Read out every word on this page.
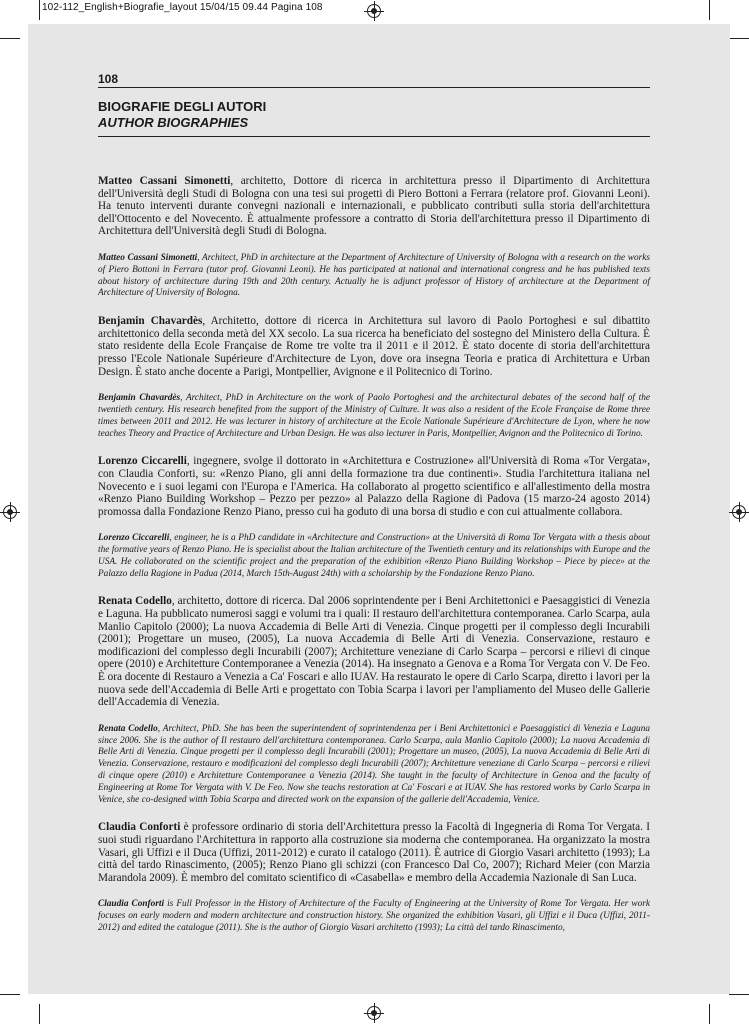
102-112_English+Biografie_layout 15/04/15 09.44 Pagina 108
108
BIOGRAFIE DEGLI AUTORI
AUTHOR BIOGRAPHIES

Matteo Cassani Simonetti, architetto, Dottore di ricerca in architettura presso il Dipartimento di Architettura dell'Università degli Studi di Bologna con una tesi sui progetti di Piero Bottoni a Ferrara (relatore prof. Giovanni Leoni). Ha tenuto interventi durante convegni nazionali e internazionali, e pubblicato contributi sulla storia dell'architettura dell'Ottocento e del Novecento. È attualmente professore a contratto di Storia dell'architettura presso il Dipartimento di Architettura dell'Università degli Studi di Bologna.

Matteo Cassani Simonetti, Architect, PhD in architecture at the Department of Architecture of University of Bologna with a research on the works of Piero Bottoni in Ferrara (tutor prof. Giovanni Leoni). He has participated at national and international congress and he has published texts about history of architecture during 19th and 20th century. Actually he is adjunct professor of History of architecture at the Department of Architecture of University of Bologna.

Benjamin Chavardès, Architetto, dottore di ricerca in Architettura sul lavoro di Paolo Portoghesi e sul dibattito architettonico della seconda metà del XX secolo. La sua ricerca ha beneficiato del sostegno del Ministero della Cultura. È stato residente della Ecole Française de Rome tre volte tra il 2011 e il 2012. È stato docente di storia dell'architettura presso l'Ecole Nationale Supérieure d'Architecture de Lyon, dove ora insegna Teoria e pratica di Architettura e Urban Design. È stato anche docente a Parigi, Montpellier, Avignone e il Politecnico di Torino.

Benjamin Chavardès, Architect, PhD in Architecture on the work of Paolo Portoghesi and the architectural debates of the second half of the twentieth century. His research benefited from the support of the Ministry of Culture. It was also a resident of the Ecole Française de Rome three times between 2011 and 2012. He was lecturer in history of architecture at the Ecole Nationale Supérieure d'Architecture de Lyon, where he now teaches Theory and Practice of Architecture and Urban Design. He was also lecturer in Paris, Montpellier, Avignon and the Politecnico di Torino.

Lorenzo Ciccarelli, ingegnere, svolge il dottorato in «Architettura e Costruzione» all'Università di Roma «Tor Vergata», con Claudia Conforti, su: «Renzo Piano, gli anni della formazione tra due continenti». Studia l'architettura italiana nel Novecento e i suoi legami con l'Europa e l'America. Ha collaborato al progetto scientifico e all'allestimento della mostra «Renzo Piano Building Workshop – Pezzo per pezzo» al Palazzo della Ragione di Padova (15 marzo-24 agosto 2014) promossa dalla Fondazione Renzo Piano, presso cui ha goduto di una borsa di studio e con cui attualmente collabora.

Lorenzo Ciccarelli, engineer, he is a PhD candidate in «Architecture and Construction» at the Università di Roma Tor Vergata with a thesis about the formative years of Renzo Piano. He is specialist about the Italian architecture of the Twentieth century and its relationships with Europe and the USA. He collaborated on the scientific project and the preparation of the exhibition «Renzo Piano Building Workshop – Piece by piece» at the Palazzo della Ragione in Padua (2014, March 15th-August 24th) with a scholarship by the Fondazione Renzo Piano.

Renata Codello, architetto, dottore di ricerca. Dal 2006 soprintendente per i Beni Architettonici e Paesaggistici di Venezia e Laguna. Ha pubblicato numerosi saggi e volumi tra i quali: Il restauro dell'architettura contemporanea. Carlo Scarpa, aula Manlio Capitolo (2000); La nuova Accademia di Belle Arti di Venezia. Cinque progetti per il complesso degli Incurabili (2001); Progettare un museo, (2005), La nuova Accademia di Belle Arti di Venezia. Conservazione, restauro e modificazioni del complesso degli Incurabili (2007); Architetture veneziane di Carlo Scarpa – percorsi e rilievi di cinque opere (2010) e Architetture Contemporanee a Venezia (2014). Ha insegnato a Genova e a Roma Tor Vergata con V. De Feo. È ora docente di Restauro a Venezia a Ca' Foscari e allo IUAV. Ha restaurato le opere di Carlo Scarpa, diretto i lavori per la nuova sede dell'Accademia di Belle Arti e progettato con Tobia Scarpa i lavori per l'ampliamento del Museo delle Gallerie dell'Accademia di Venezia.

Renata Codello, Architect, PhD. She has been the superintendent of soprintendenza per i Beni Architettonici e Paesaggistici di Venezia e Laguna since 2006. She is the author of Il restauro dell'architettura contemporanea. Carlo Scarpa, aula Manlio Capitolo (2000); La nuova Accademia di Belle Arti di Venezia. Cinque progetti per il complesso degli Incurabili (2001); Progettare un museo, (2005), La nuova Accademia di Belle Arti di Venezia. Conservazione, restauro e modificazioni del complesso degli Incurabili (2007); Architetture veneziane di Carlo Scarpa – percorsi e rilievi di cinque opere (2010) e Architetture Contemporanee a Venezia (2014). She taught in the faculty of Architecture in Genoa and the faculty of Engineering at Rome Tor Vergata with V. De Feo. Now she teachs restoration at Ca' Foscari e at IUAV. She has restored works by Carlo Scarpa in Venice, she co-designed witth Tobia Scarpa and directed work on the expansion of the gallerie dell'Accademia, Venice.

Claudia Conforti è professore ordinario di storia dell'Architettura presso la Facoltà di Ingegneria di Roma Tor Vergata. I suoi studi riguardano l'Architettura in rapporto alla costruzione sia moderna che contemporanea. Ha organizzato la mostra Vasari, gli Uffizi e il Duca (Uffizi, 2011-2012) e curato il catalogo (2011). È autrice di Giorgio Vasari architetto (1993); La città del tardo Rinascimento, (2005); Renzo Piano gli schizzi (con Francesco Dal Co, 2007); Richard Meier (con Marzia Marandola 2009). È membro del comitato scientifico di «Casabella» e membro della Accademia Nazionale di San Luca.

Claudia Conforti is Full Professor in the History of Architecture of the Faculty of Engineering at the University of Rome Tor Vergata. Her work focuses on early modern and modern architecture and construction history. She organized the exhibition Vasari, gli Uffizi e il Duca (Uffizi, 2011-2012) and edited the catalogue (2011). She is the author of Giorgio Vasari architetto (1993); La città del tardo Rinascimento,
